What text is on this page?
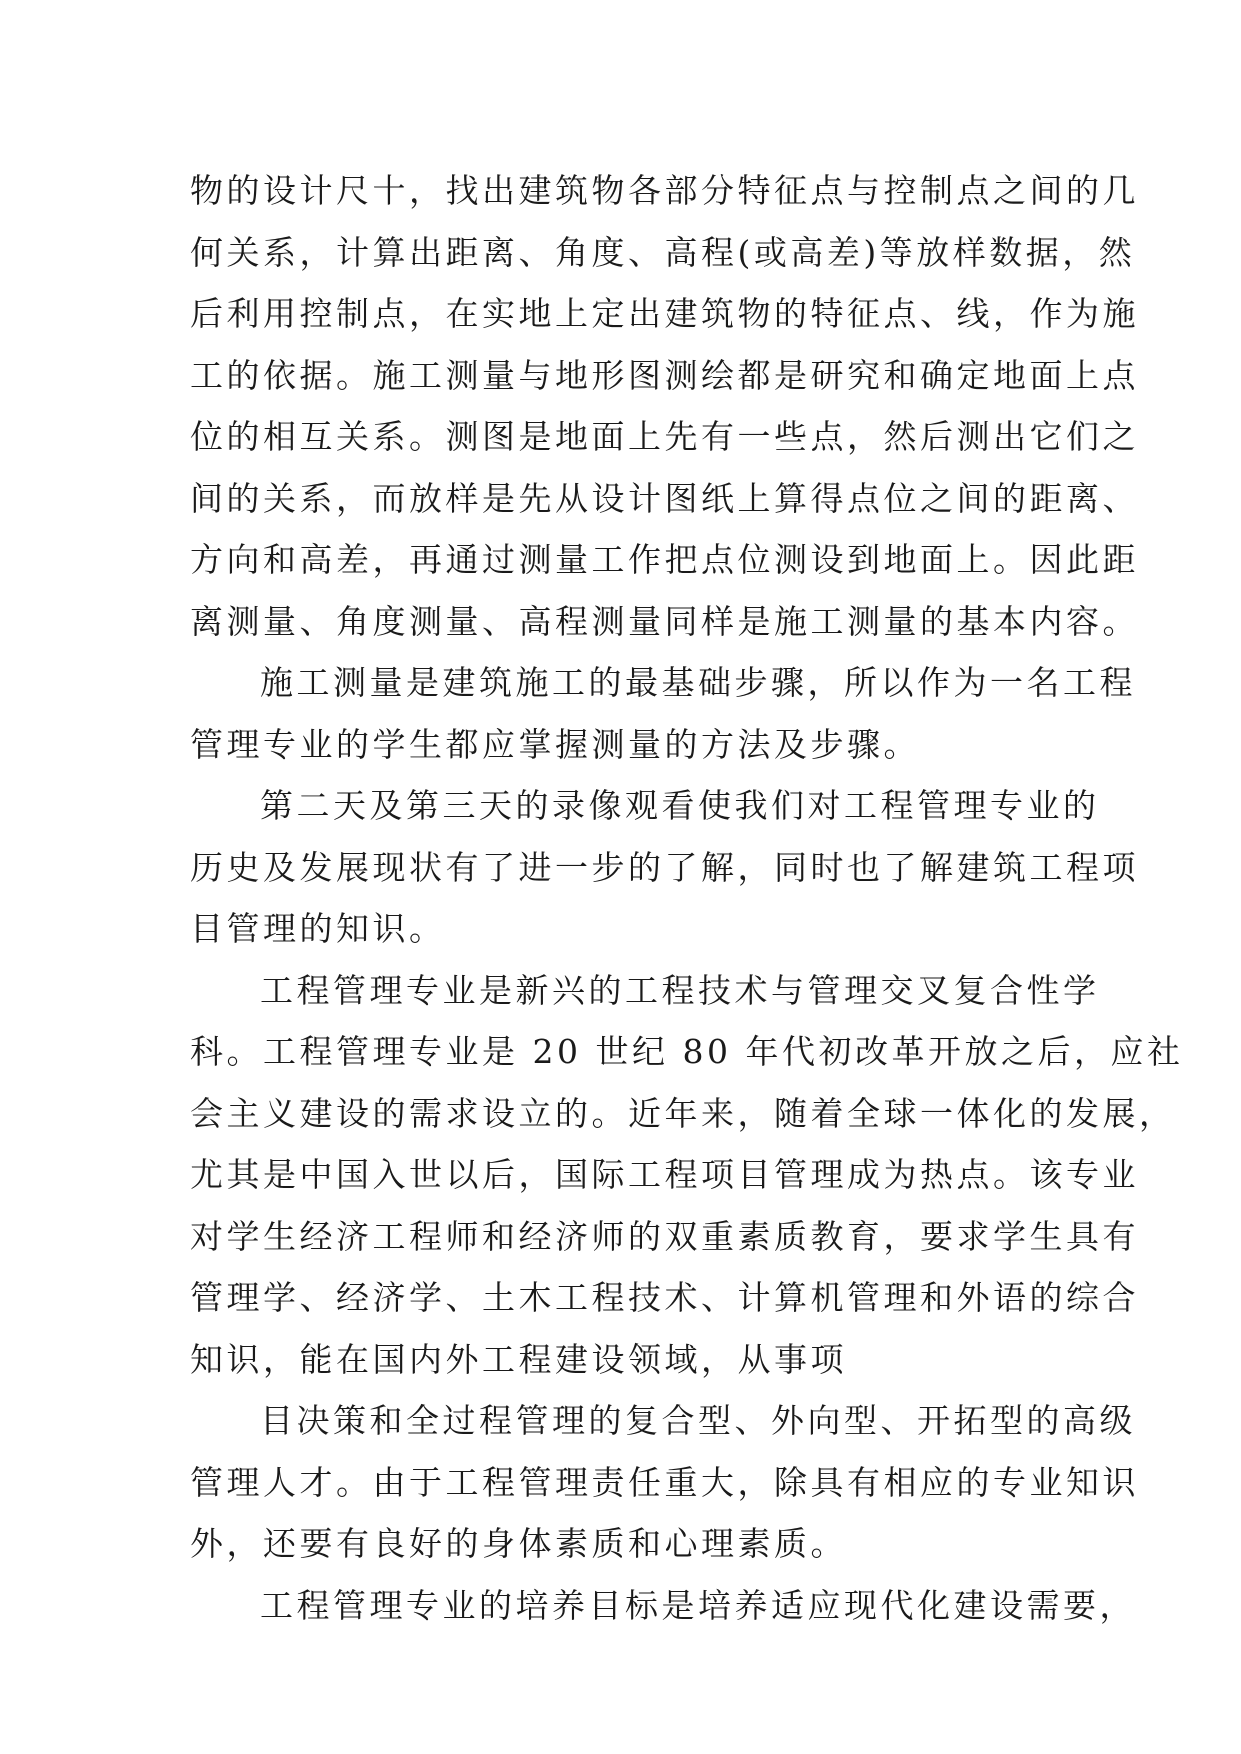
物的设计尺十，找出建筑物各部分特征点与控制点之间的几
何关系，计算出距离、角度、高程(或高差)等放样数据，然
后利用控制点，在实地上定出建筑物的特征点、线，作为施
工的依据。施工测量与地形图测绘都是研究和确定地面上点
位的相互关系。测图是地面上先有一些点，然后测出它们之
间的关系，而放样是先从设计图纸上算得点位之间的距离、
方向和高差，再通过测量工作把点位测设到地面上。因此距
离测量、角度测量、高程测量同样是施工测量的基本内容。
施工测量是建筑施工的最基础步骤，所以作为一名工程
管理专业的学生都应掌握测量的方法及步骤。
第二天及第三天的录像观看使我们对工程管理专业的
历史及发展现状有了进一步的了解，同时也了解建筑工程项
目管理的知识。
工程管理专业是新兴的工程技术与管理交叉复合性学
科。工程管理专业是 20 世纪 80 年代初改革开放之后，应社
会主义建设的需求设立的。近年来，随着全球一体化的发展，
尤其是中国入世以后，国际工程项目管理成为热点。该专业
对学生经济工程师和经济师的双重素质教育，要求学生具有
管理学、经济学、土木工程技术、计算机管理和外语的综合
知识，能在国内外工程建设领域，从事项
目决策和全过程管理的复合型、外向型、开拓型的高级
管理人才。由于工程管理责任重大，除具有相应的专业知识
外，还要有良好的身体素质和心理素质。
工程管理专业的培养目标是培养适应现代化建设需要，
